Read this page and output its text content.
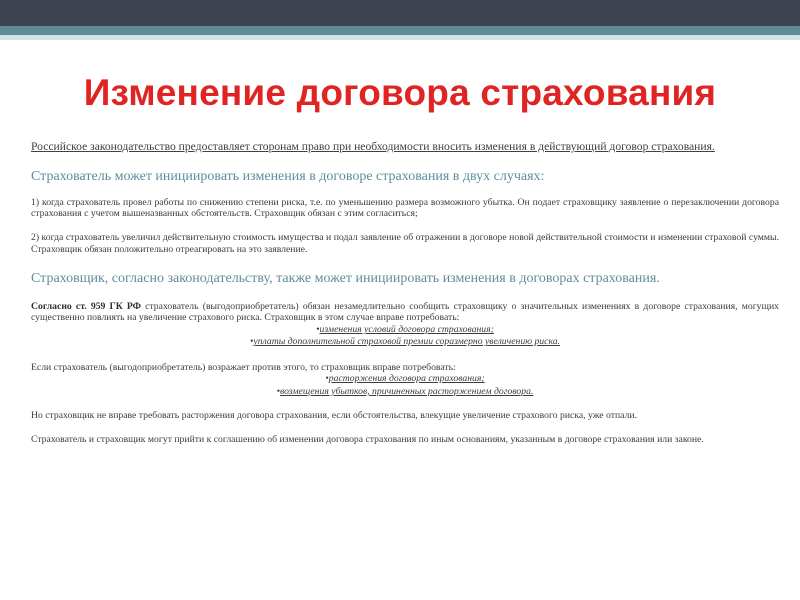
Изменение договора страхования

Российское законодательство предоставляет сторонам право при необходимости вносить изменения в действующий договор страхования.

Страхователь может инициировать изменения в договоре страхования в двух случаях:

1) когда страхователь провел работы по снижению степени риска, т.е. по уменьшению размера возможного убытка. Он подает страховщику заявление о перезаключении договора страхования с учетом вышеназванных обстоятельств. Страховщик обязан с этим согласиться;

2) когда страхователь увеличил действительную стоимость имущества и подал заявление об отражении в договоре новой действительной стоимости и изменении страховой суммы. Страховщик обязан положительно отреагировать на это заявление.

Страховщик, согласно законодательству, также может инициировать изменения в договорах страхования.

Согласно ст. 959 ГК РФ страхователь (выгодоприобретатель) обязан незамедлительно сообщить страховщику о значительных изменениях в договоре страхования, могущих существенно повлиять на увеличение страхового риска. Страховщик в этом случае вправе потребовать:

•изменения условий договора страхования;

•уплаты дополнительной страховой премии соразмерно увеличению риска.

Если страхователь (выгодоприобретатель) возражает против этого, то страховщик вправе потребовать:

•расторжения договора страхования;

•возмещения убытков, причиненных расторжением договора.

Но страховщик не вправе требовать расторжения договора страхования, если обстоятельства, влекущие увеличение страхового риска, уже отпали.

Страхователь и страховщик могут прийти к соглашению об изменении договора страхования по иным основаниям, указанным в договоре страхования или законе.
